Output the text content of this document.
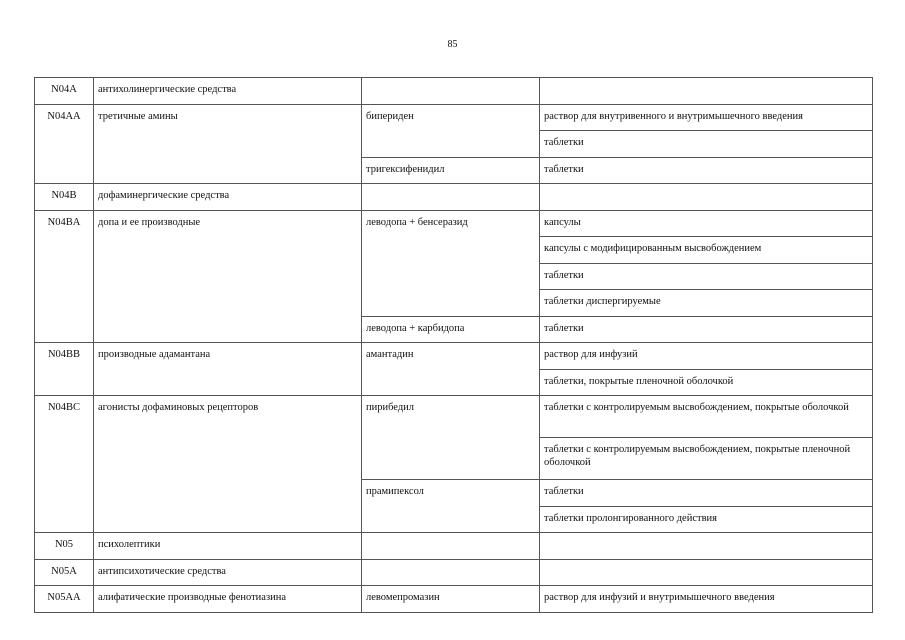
85
N04A	антихолинергические средства		
N04AA	третичные амины	бипериден	раствор для внутривенного и внутримышечного введения
			таблетки
		тригексифенидил	таблетки
N04B	дофаминергические средства		
N04BA	допа и ее производные	леводопа + бенсеразид	капсулы
			капсулы с модифицированным высвобождением
			таблетки
			таблетки диспергируемые
		леводопа + карбидопа	таблетки
N04BB	производные адамантана	амантадин	раствор для инфузий
			таблетки, покрытые пленочной оболочкой
N04BC	агонисты дофаминовых рецепторов	пирибедил	таблетки с контролируемым высвобождением, покрытые оболочкой
			таблетки с контролируемым высвобождением, покрытые пленочной оболочкой
		прамипексол	таблетки
			таблетки пролонгированного действия
N05	психолептики		
N05A	антипсихотические средства		
N05AA	алифатические производные фенотиазина	левомепромазин	раствор для инфузий и внутримышечного введения
